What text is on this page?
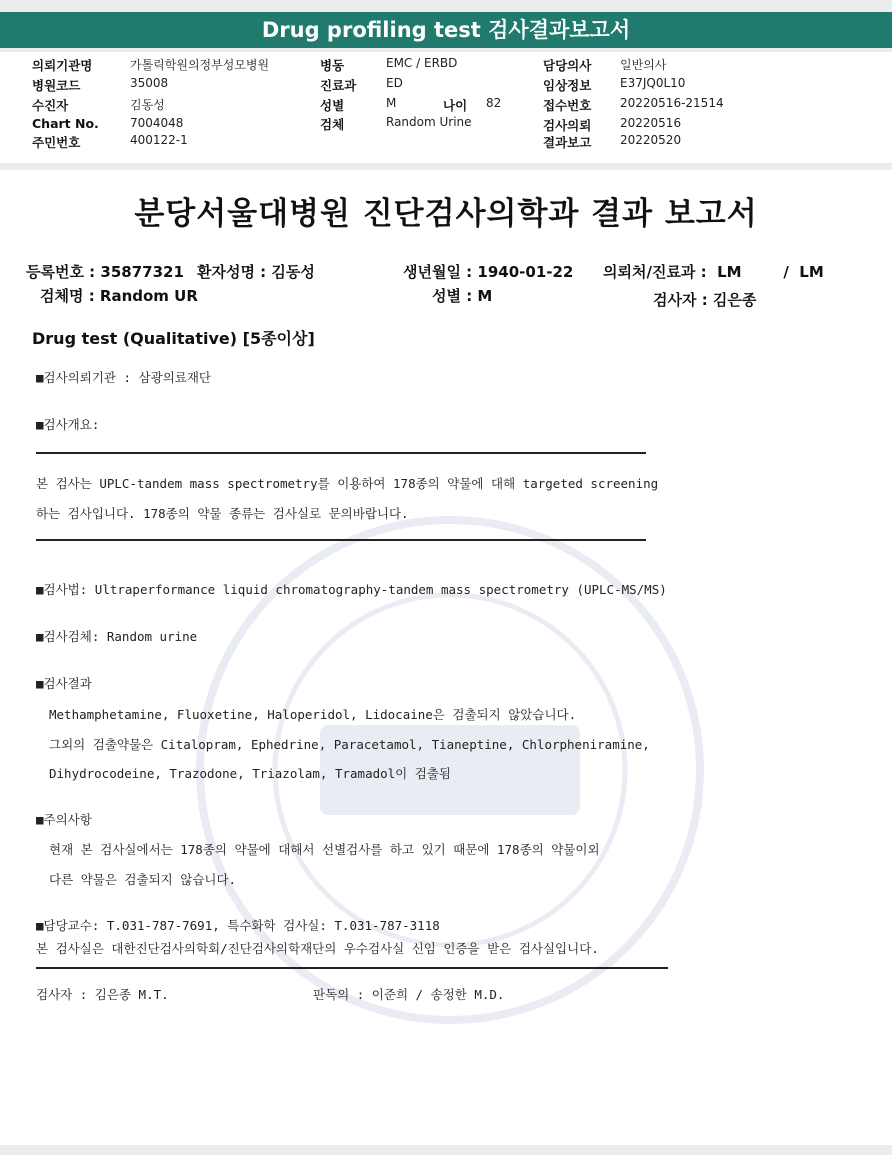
Drug profiling test 검사결과보고서
의뢰기관명	가톨릭학원의정부성모병원
병원코드	35008
수진자	김동성
Chart No.	7004048
주민번호	400122-1
병동	EMC / ERBD
진료과 ED
성별	M	나이 82
검체	Random Urine
담당의사 일반의사
임상정보 E37JQ0L10
접수번호 20220516-21514
검사의뢰 20220516
결과보고 20220520
분당서울대병원 진단검사의학과 결과 보고서
등록번호 : 35877321 환자성명 : 김동성	생년월일 : 1940-01-22 의뢰처/진료과 :  LM        /  LM
검체명 : Random UR	성별 : M	검사자 : 김은종
Drug test (Qualitative) [5종이상]
■검사의뢰기관 : 삼광의료재단
■검사개요:
본 검사는 UPLC-tandem mass spectrometry를 이용하여 178종의 약물에 대해 targeted screening
하는 검사입니다. 178종의 약물 종류는 검사실로 문의바랍니다.
■검사법: Ultraperformance liquid chromatography-tandem mass spectrometry (UPLC-MS/MS)
■검사검체: Random urine
■검사결과
Methamphetamine, Fluoxetine, Haloperidol, Lidocaine은 검출되지 않았습니다.
그외의 검출약물은 Citalopram, Ephedrine, Paracetamol, Tianeptine, Chlorpheniramine,
Dihydrocodeine, Trazodone, Triazolam, Tramadol이 검출됨
■주의사항
현재 본 검사실에서는 178종의 약물에 대해서 선별검사를 하고 있기 때문에 178종의 약물이외
다른 약물은 검출되지 않습니다.
■담당교수: T.031-787-7691, 특수화학 검사실: T.031-787-3118
본 검사실은 대한진단검사의학회/진단검사의학재단의 우수검사실 신임 인증을 받은 검사실입니다.
검사자 : 김은종 M.T.	판독의 : 이준희 / 송정한 M.D.
